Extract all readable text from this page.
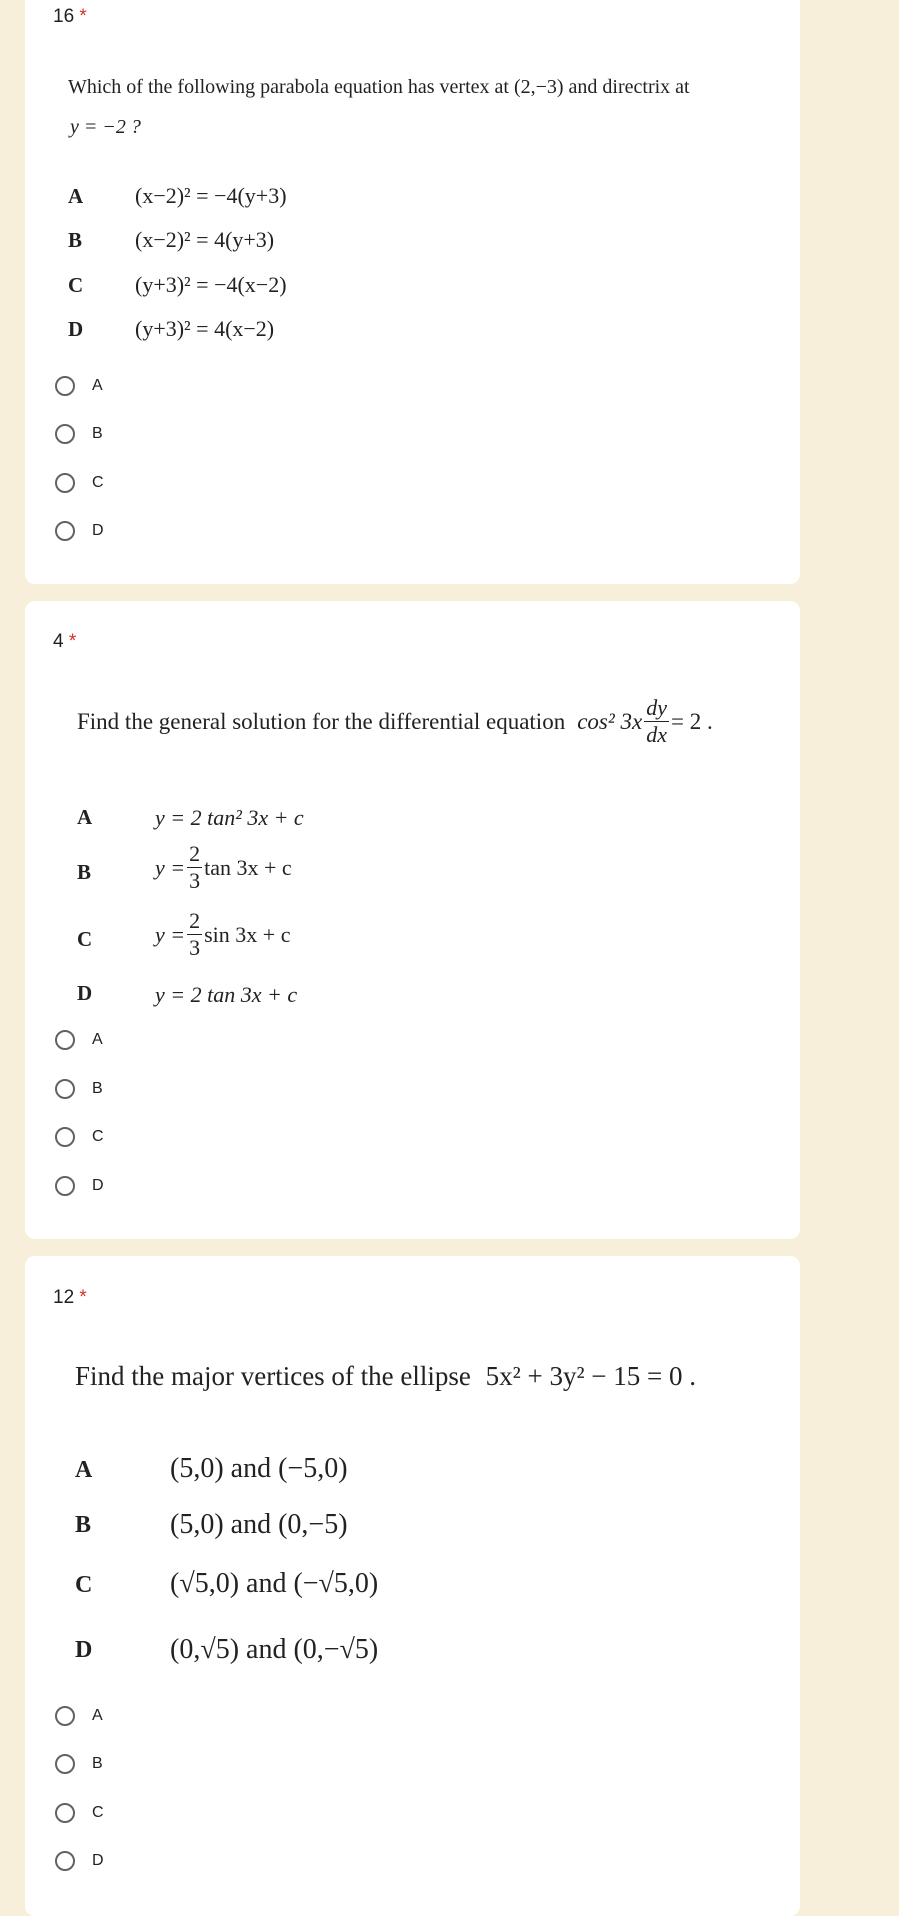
16 *
Which of the following parabola equation has vertex at (2,−3) and directrix at
y = −2 ?
A (x−2)² = −4(y+3)
B (x−2)² = 4(y+3)
C (y+3)² = −4(x−2)
D (y+3)² = 4(x−2)
A
B
C
D
4 *
Find the general solution for the differential equation cos² $3x \frac{dy}{dx} = 2$ .
A	y = 2 tan² 3x + c
B	$y = \frac{2}{3}$ tan 3x + c
C	$y = \frac{2}{3}$ sin 3x + c
D	y = 2 tan 3x + c
A
B
C
D
12 *
Find the major vertices of the ellipse 5x² + 3y² − 15 = 0 .
A	(5,0) and (−5,0)
B	(5,0) and (0,−5)
C	(√5,0) and (−√5,0)
D	(0,√5) and (0,−√5)
A
B
C
D
